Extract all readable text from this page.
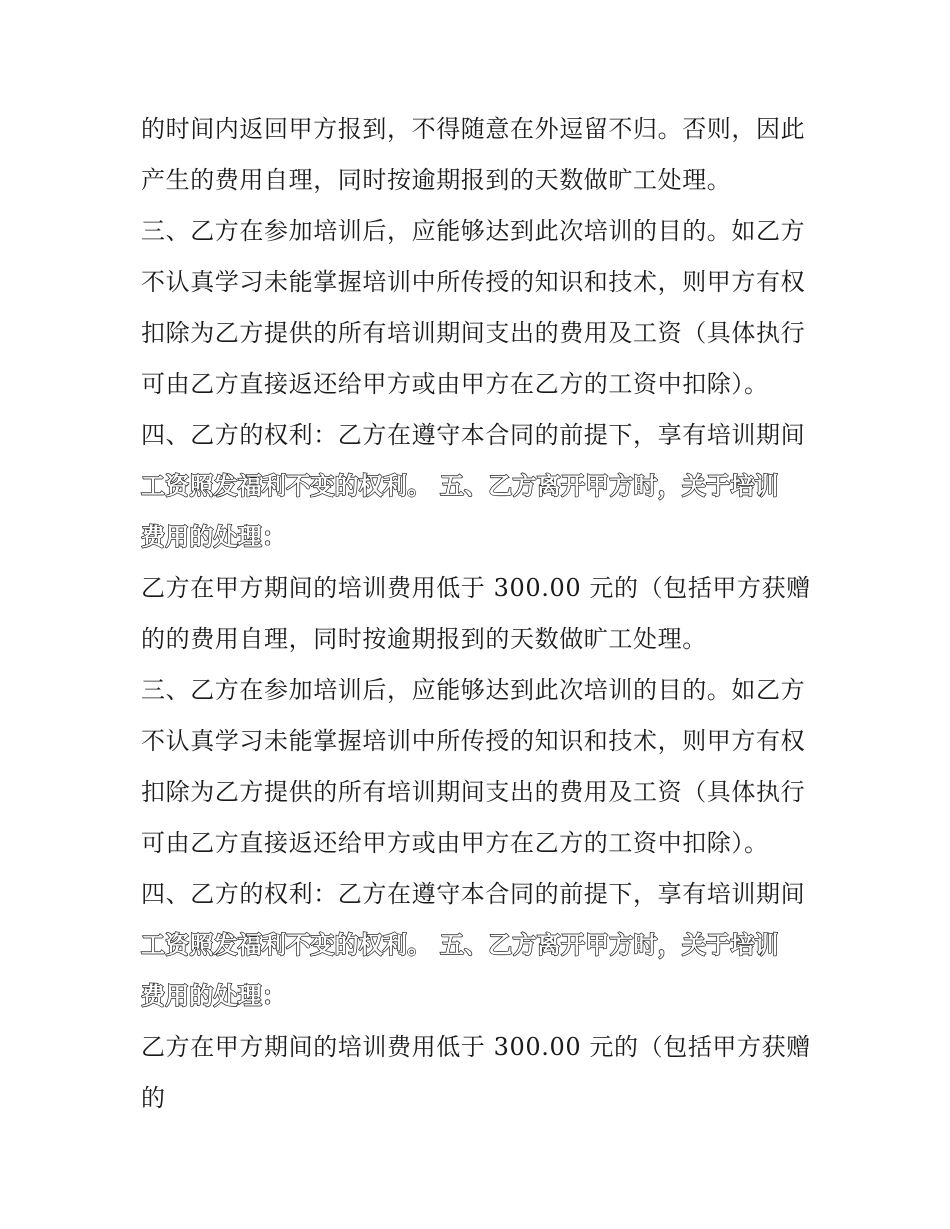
的时间内返回甲方报到，不得随意在外逗留不归。否则，因此
产生的费用自理，同时按逾期报到的天数做旷工处理。
三、乙方在参加培训后，应能够达到此次培训的目的。如乙方
不认真学习未能掌握培训中所传授的知识和技术，则甲方有权
扣除为乙方提供的所有培训期间支出的费用及工资（具体执行
可由乙方直接返还给甲方或由甲方在乙方的工资中扣除）。
四、乙方的权利：乙方在遵守本合同的前提下，享有培训期间
工资照发福利不变的权利。 五、乙方离开甲方时，关于培训
费用的处理：
乙方在甲方期间的培训费用低于 300.00 元的（包括甲方获赠
的的费用自理，同时按逾期报到的天数做旷工处理。
三、乙方在参加培训后，应能够达到此次培训的目的。如乙方
不认真学习未能掌握培训中所传授的知识和技术，则甲方有权
扣除为乙方提供的所有培训期间支出的费用及工资（具体执行
可由乙方直接返还给甲方或由甲方在乙方的工资中扣除）。
四、乙方的权利：乙方在遵守本合同的前提下，享有培训期间
工资照发福利不变的权利。 五、乙方离开甲方时，关于培训
费用的处理：
乙方在甲方期间的培训费用低于 300.00 元的（包括甲方获赠
的
